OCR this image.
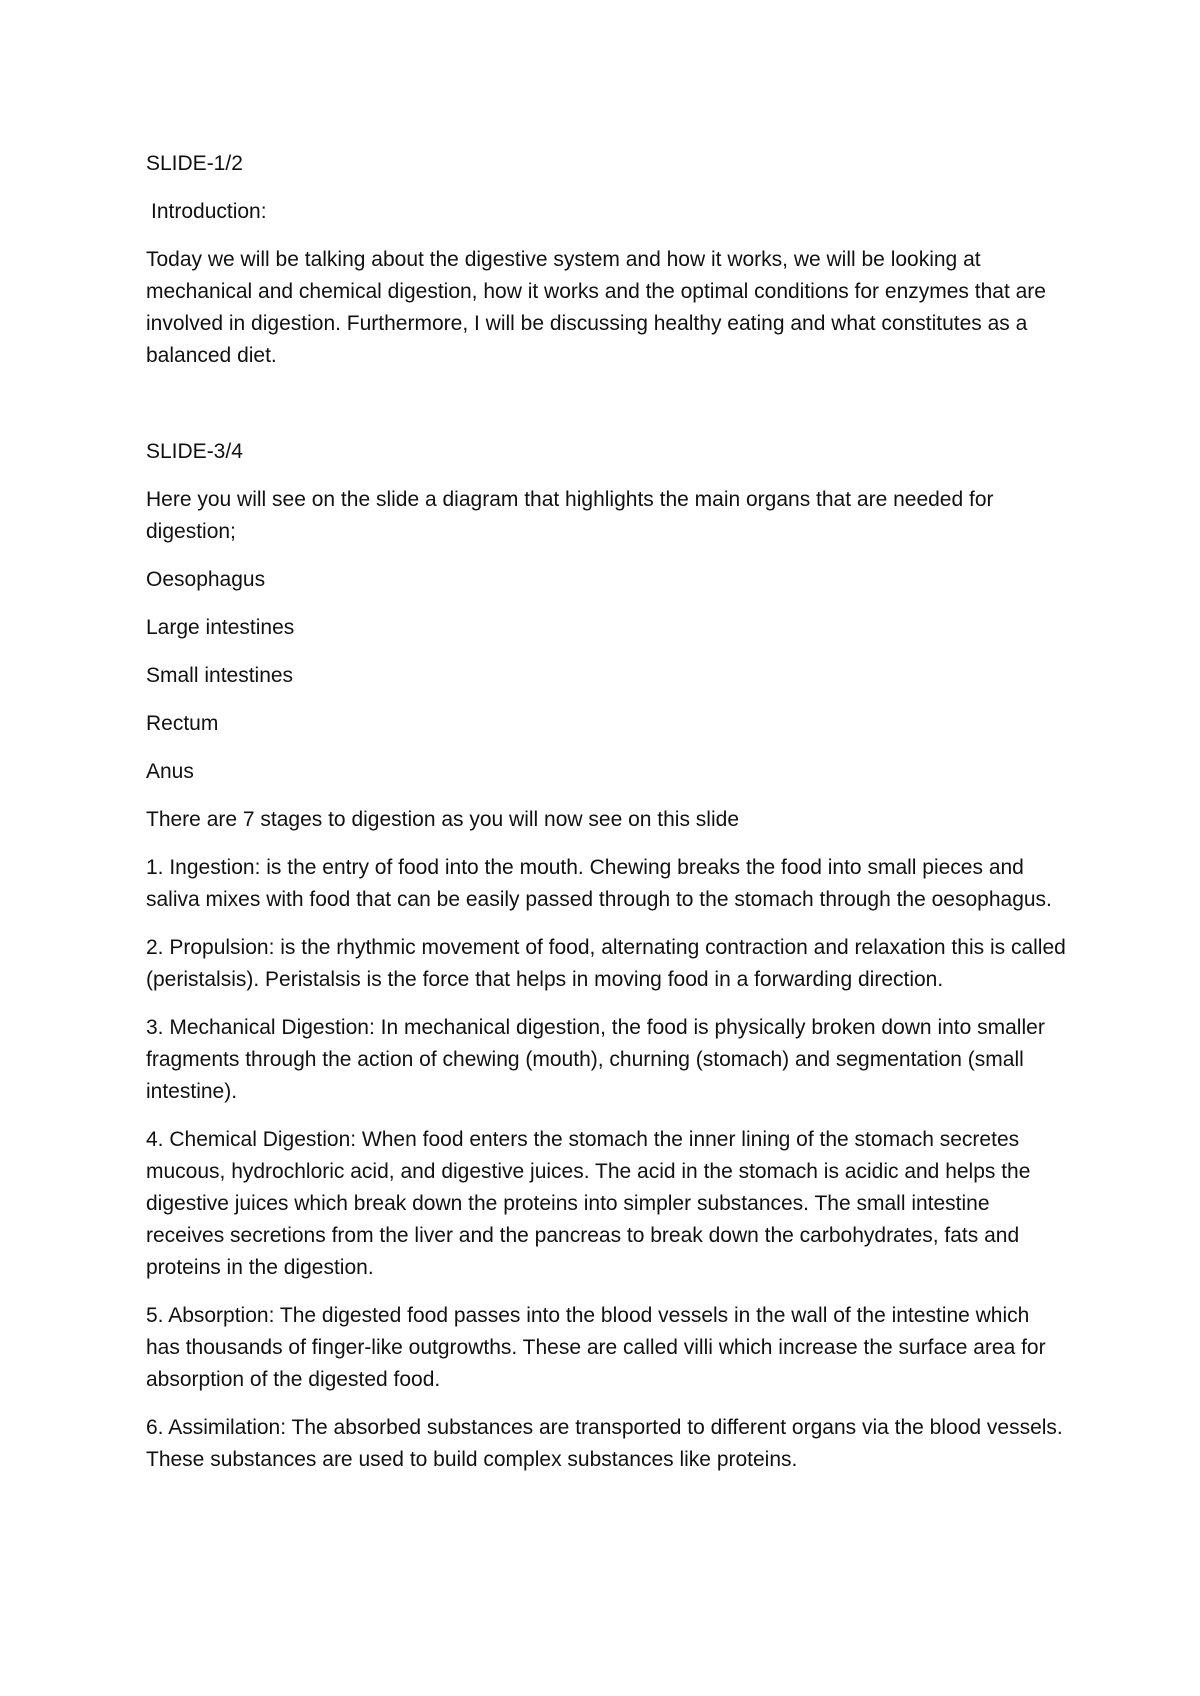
SLIDE-1/2

Introduction:

Today we will be talking about the digestive system and how it works, we will be looking at mechanical and chemical digestion, how it works and the optimal conditions for enzymes that are involved in digestion. Furthermore, I will be discussing healthy eating and what constitutes as a balanced diet.

SLIDE-3/4

Here you will see on the slide a diagram that highlights the main organs that are needed for digestion;

Oesophagus

Large intestines

Small intestines

Rectum

Anus

There are 7 stages to digestion as you will now see on this slide

1. Ingestion: is the entry of food into the mouth. Chewing breaks the food into small pieces and saliva mixes with food that can be easily passed through to the stomach through the oesophagus.

2. Propulsion: is the rhythmic movement of food, alternating contraction and relaxation this is called (peristalsis). Peristalsis is the force that helps in moving food in a forwarding direction.

3. Mechanical Digestion: In mechanical digestion, the food is physically broken down into smaller fragments through the action of chewing (mouth), churning (stomach) and segmentation (small intestine).

4. Chemical Digestion: When food enters the stomach the inner lining of the stomach secretes mucous, hydrochloric acid, and digestive juices. The acid in the stomach is acidic and helps the digestive juices which break down the proteins into simpler substances. The small intestine receives secretions from the liver and the pancreas to break down the carbohydrates, fats and proteins in the digestion.

5. Absorption: The digested food passes into the blood vessels in the wall of the intestine which has thousands of finger-like outgrowths. These are called villi which increase the surface area for absorption of the digested food.

6. Assimilation: The absorbed substances are transported to different organs via the blood vessels. These substances are used to build complex substances like proteins.
